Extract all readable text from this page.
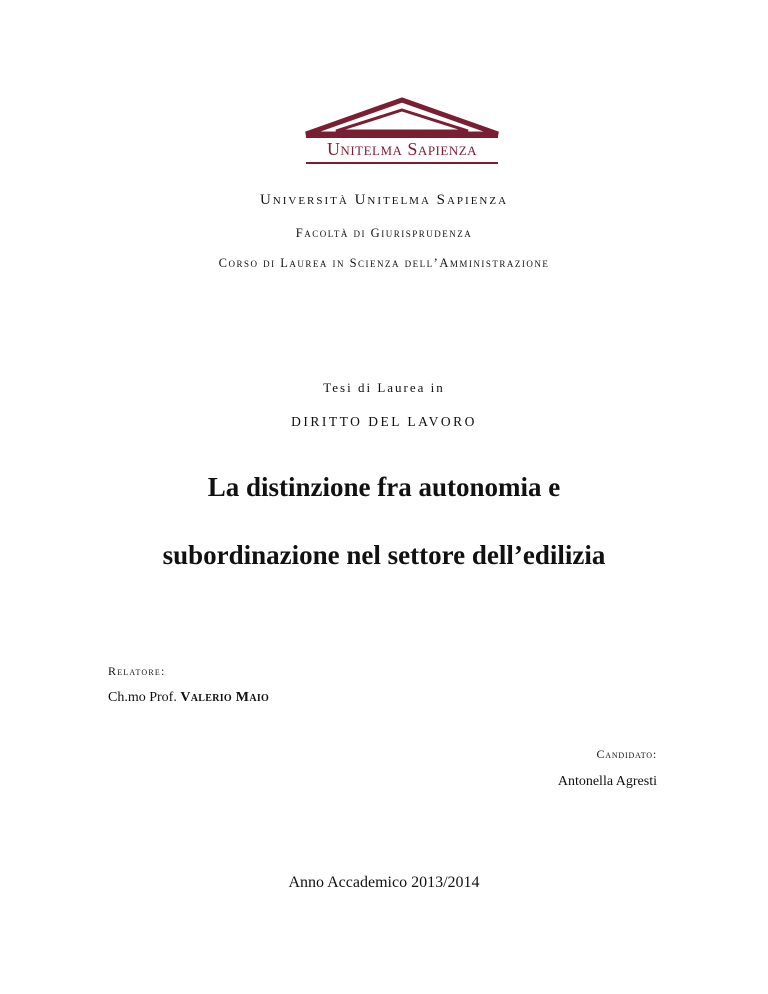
Unitelma Sapienza
Università Unitelma Sapienza
Facoltà di Giurisprudenza
Corso di Laurea in Scienza dell’Amministrazione
Tesi di Laurea in
DIRITTO DEL LAVORO
La distinzione fra autonomia e
subordinazione nel settore dell’edilizia
Relatore:
Ch.mo Prof. Valerio Maio
Candidato:
Antonella Agresti
Anno Accademico 2013/2014
